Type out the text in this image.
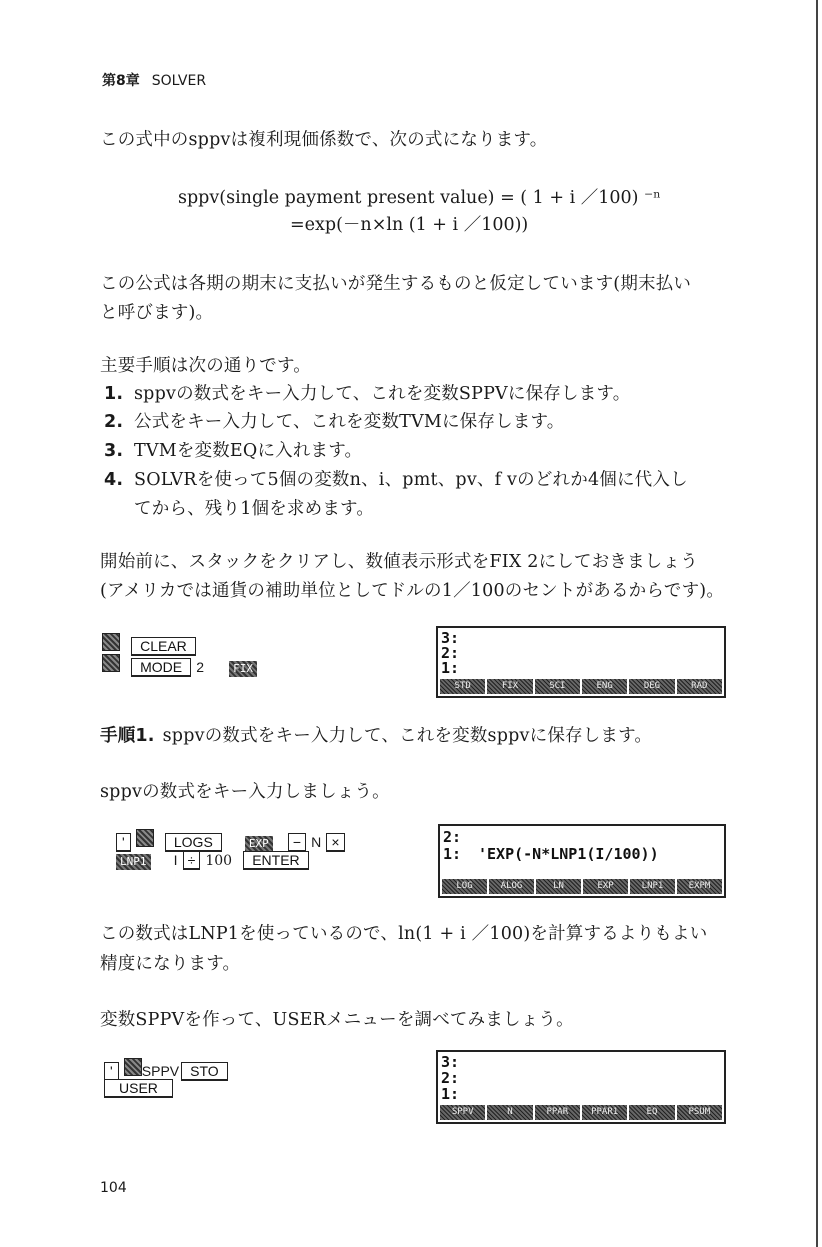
第8章 SOLVER
この式中のsppvは複利現価係数で、次の式になります。
sppv(single payment present value) = ( 1 + i ／100) ⁻ⁿ
=exp(－n×ln (1 + i ／100))
この公式は各期の期末に支払いが発生するものと仮定しています(期末払い
と呼びます)。
主要手順は次の通りです。
1. sppvの数式をキー入力して、これを変数SPPVに保存します。
2. 公式をキー入力して、これを変数TVMに保存します。
3. TVMを変数EQに入れます。
4. SOLVRを使って5個の変数n、i、pmt、pv、f vのどれか4個に代入し
てから、残り1個を求めます。
開始前に、スタックをクリアし、数値表示形式をFIX 2にしておきましょう
(アメリカでは通貨の補助単位としてドルの1／100のセントがあるからです)。
CLEAR
MODE 2	FIX
3:
2:
1:
STD	FIX	SCI	ENG	DEG	RAD
手順1. sppvの数式をキー入力して、これを変数sppvに保存します。
sppvの数式をキー入力しましょう。
'	LOGS	EXP − N ×
LNP1 I ÷ 100 ENTER
2:
1: 'EXP(-N*LNP1(I/100))
LOG	ALOG	LN	EXP	LNP1	EXPM
この数式はLNP1を使っているので、ln(1 + i ／100)を計算するよりもよい
精度になります。
変数SPPVを作って、USERメニューを調べてみましょう。
' SPPV STO
USER
3:
2:
1:
SPPV	N	PPAR	PPAR1	EQ	PSUM
104
